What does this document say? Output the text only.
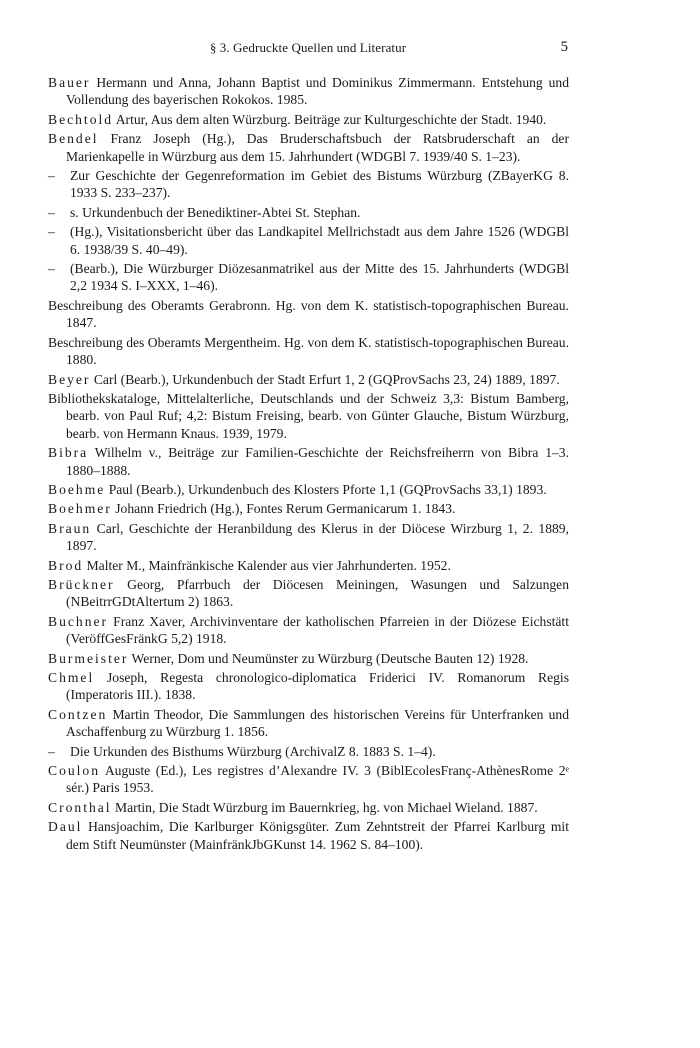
§ 3. Gedruckte Quellen und Literatur	5
Bauer Hermann und Anna, Johann Baptist und Dominikus Zimmermann. Entstehung und Vollendung des bayerischen Rokokos. 1985.
Bechtold Artur, Aus dem alten Würzburg. Beiträge zur Kulturgeschichte der Stadt. 1940.
Bendel Franz Joseph (Hg.), Das Bruderschaftsbuch der Ratsbruderschaft an der Marienkapelle in Würzburg aus dem 15. Jahrhundert (WDGBl 7. 1939/40 S. 1–23).
– Zur Geschichte der Gegenreformation im Gebiet des Bistums Würzburg (ZBayerKG 8. 1933 S. 233–237).
– s. Urkundenbuch der Benediktiner-Abtei St. Stephan.
– (Hg.), Visitationsbericht über das Landkapitel Mellrichstadt aus dem Jahre 1526 (WDGBl 6. 1938/39 S. 40–49).
– (Bearb.), Die Würzburger Diözesanmatrikel aus der Mitte des 15. Jahrhunderts (WDGBl 2,2 1934 S. I–XXX, 1–46).
Beschreibung des Oberamts Gerabronn. Hg. von dem K. statistisch-topographischen Bureau. 1847.
Beschreibung des Oberamts Mergentheim. Hg. von dem K. statistisch-topographischen Bureau. 1880.
Beyer Carl (Bearb.), Urkundenbuch der Stadt Erfurt 1, 2 (GQProvSachs 23, 24) 1889, 1897.
Bibliothekskataloge, Mittelalterliche, Deutschlands und der Schweiz 3,3: Bistum Bamberg, bearb. von Paul Ruf; 4,2: Bistum Freising, bearb. von Günter Glauche, Bistum Würzburg, bearb. von Hermann Knaus. 1939, 1979.
Bibra Wilhelm v., Beiträge zur Familien-Geschichte der Reichsfreiherrn von Bibra 1–3. 1880–1888.
Boehme Paul (Bearb.), Urkundenbuch des Klosters Pforte 1,1 (GQProvSachs 33,1) 1893.
Boehmer Johann Friedrich (Hg.), Fontes Rerum Germanicarum 1. 1843.
Braun Carl, Geschichte der Heranbildung des Klerus in der Diöcese Wirzburg 1, 2. 1889, 1897.
Brod Malter M., Mainfränkische Kalender aus vier Jahrhunderten. 1952.
Brückner Georg, Pfarrbuch der Diöcesen Meiningen, Wasungen und Salzungen (NBeitrrGDtAltertum 2) 1863.
Buchner Franz Xaver, Archivinventare der katholischen Pfarreien in der Diözese Eichstätt (VeröffGesFränkG 5,2) 1918.
Burmeister Werner, Dom und Neumünster zu Würzburg (Deutsche Bauten 12) 1928.
Chmel Joseph, Regesta chronologico-diplomatica Friderici IV. Romanorum Regis (Imperatoris III.). 1838.
Contzen Martin Theodor, Die Sammlungen des historischen Vereins für Unterfranken und Aschaffenburg zu Würzburg 1. 1856.
– Die Urkunden des Bisthums Würzburg (ArchivalZ 8. 1883 S. 1–4).
Coulon Auguste (Ed.), Les registres d’Alexandre IV. 3 (BiblEcolesFranç-AthènesRome 2ᵉ sér.) Paris 1953.
Cronthal Martin, Die Stadt Würzburg im Bauernkrieg, hg. von Michael Wieland. 1887.
Daul Hansjoachim, Die Karlburger Königsgüter. Zum Zehntstreit der Pfarrei Karlburg mit dem Stift Neumünster (MainfränkJbGKunst 14. 1962 S. 84–100).
